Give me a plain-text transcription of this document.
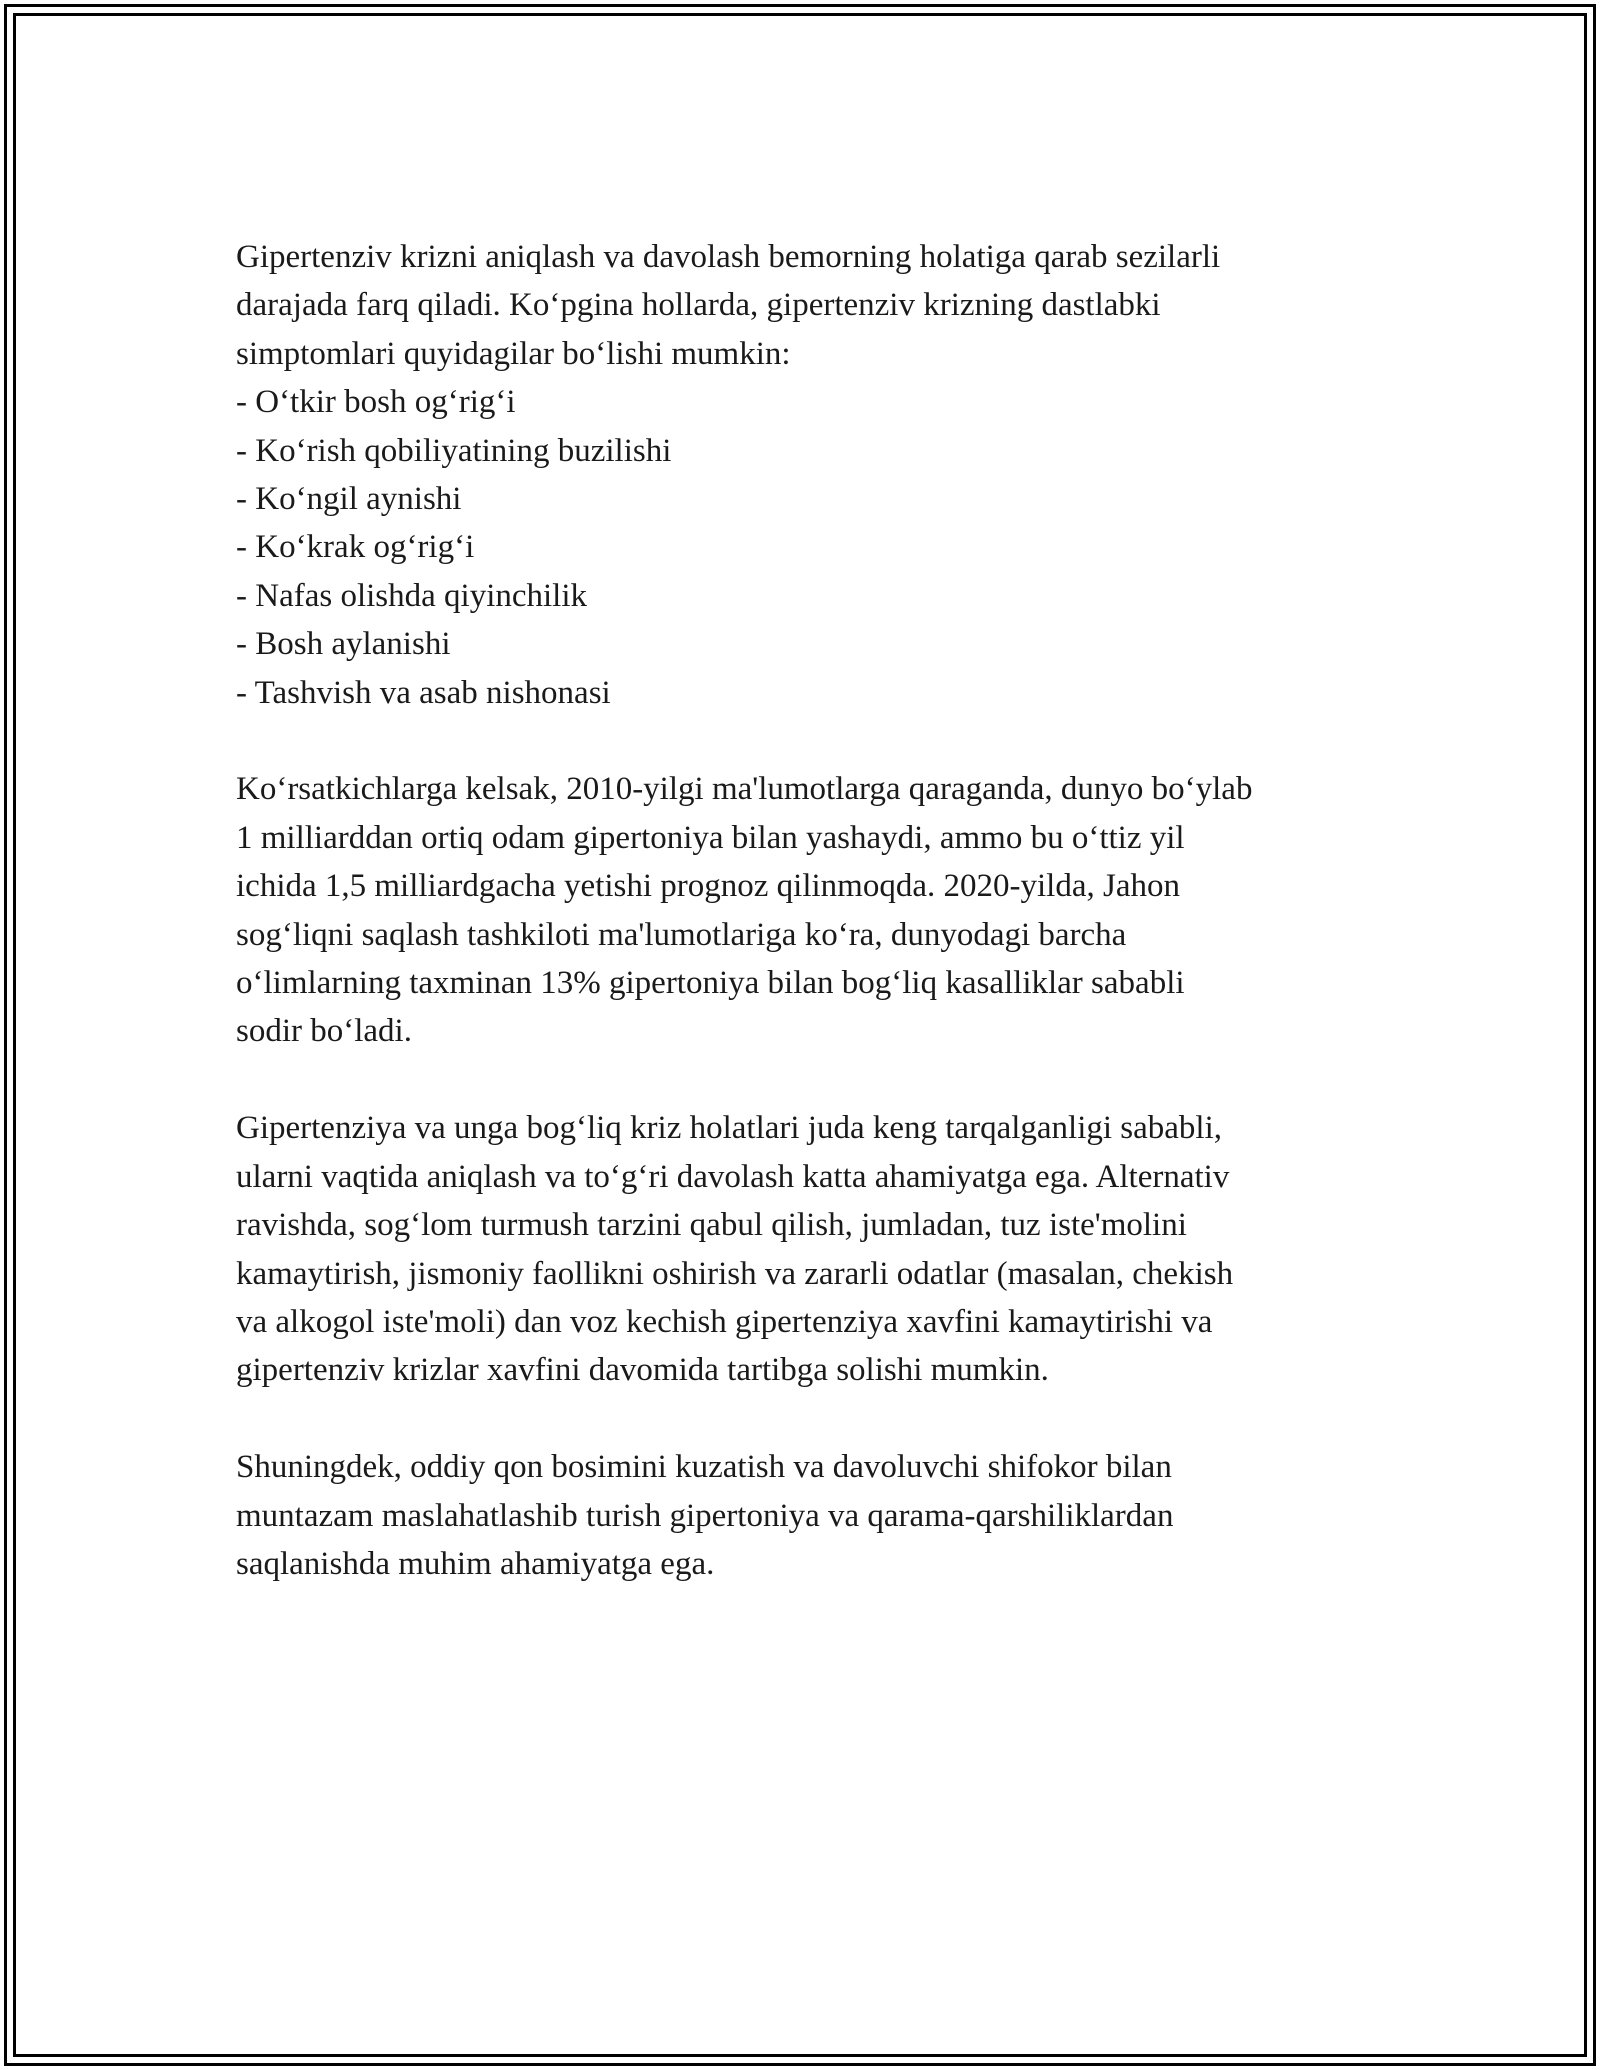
Gipertenziv krizni aniqlash va davolash bemorning holatiga qarab sezilarli
darajada farq qiladi. Koʻpgina hollarda, gipertenziv krizning dastlabki
simptomlari quyidagilar boʻlishi mumkin:

- Oʻtkir bosh ogʻrigʻi
- Koʻrish qobiliyatining buzilishi
- Koʻngil aynishi
- Koʻkrak ogʻrigʻi
- Nafas olishda qiyinchilik
- Bosh aylanishi
- Tashvish va asab nishonasi

Koʻrsatkichlarga kelsak, 2010-yilgi ma'lumotlarga qaraganda, dunyo boʻylab
1 milliarddan ortiq odam gipertoniya bilan yashaydi, ammo bu oʻttiz yil
ichida 1,5 milliardgacha yetishi prognoz qilinmoqda. 2020-yilda, Jahon
sogʻliqni saqlash tashkiloti ma'lumotlariga koʻra, dunyodagi barcha
oʻlimlarning taxminan 13% gipertoniya bilan bogʻliq kasalliklar sababli
sodir boʻladi.

Gipertenziya va unga bogʻliq kriz holatlari juda keng tarqalganligi sababli,
ularni vaqtida aniqlash va toʻgʻri davolash katta ahamiyatga ega. Alternativ
ravishda, sogʻlom turmush tarzini qabul qilish, jumladan, tuz iste'molini
kamaytirish, jismoniy faollikni oshirish va zararli odatlar (masalan, chekish
va alkogol iste'moli) dan voz kechish gipertenziya xavfini kamaytirishi va
gipertenziv krizlar xavfini davomida tartibga solishi mumkin.

Shuningdek, oddiy qon bosimini kuzatish va davoluvchi shifokor bilan
muntazam maslahatlashib turish gipertoniya va qarama-qarshiliklardan
saqlanishda muhim ahamiyatga ega.
